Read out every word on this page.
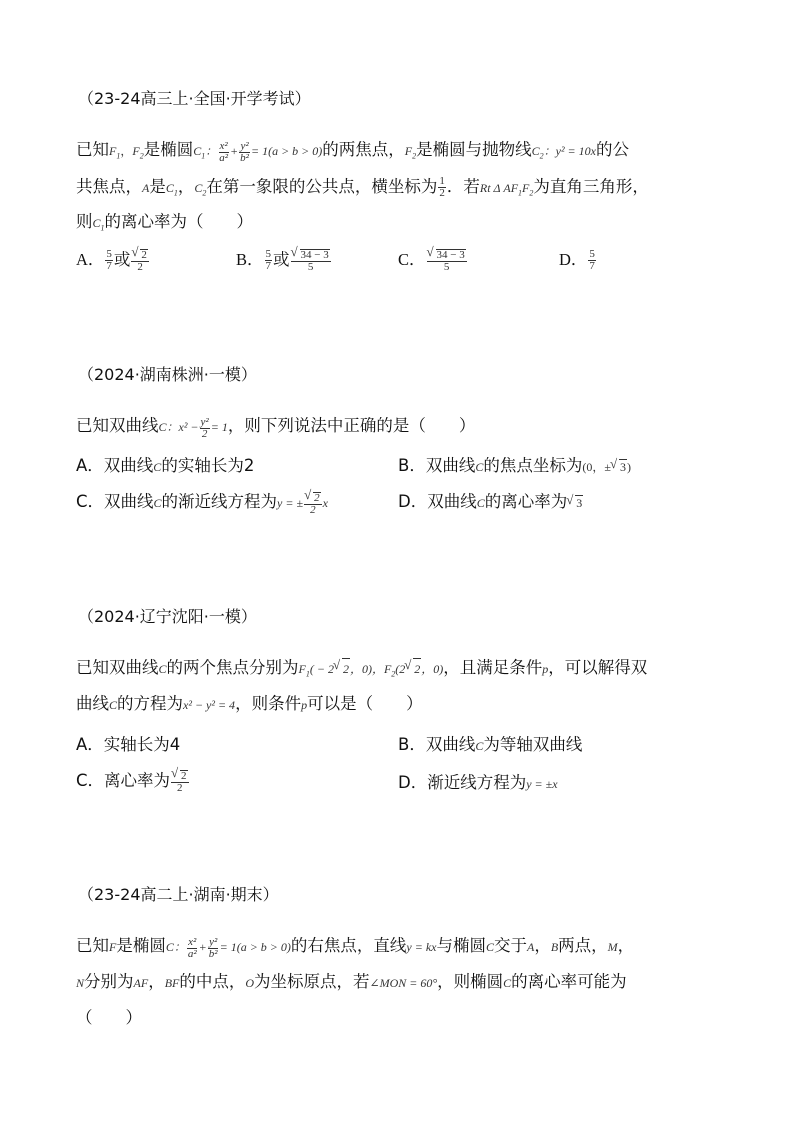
（23-24高三上·全国·开学考试）
已知$F_1$，$F_2$是椭圆$C_1$： $\frac{\text{x²}}{\text{a²}} + \frac{\text{y²}}{\text{b²}} = 1(a > b > 0)$的两焦点，$F_2$是椭圆与抛物线$C_2$：y² = 10x的公
共焦点，A是$C_1$，$C_2$在第一象限的公共点，横坐标为 $\frac{1}{2}$ ．若Rt Δ $AF_1F_2$为直角三角形，
则$C_1$的离心率为（　　）
A． $\frac{5}{7}$ 或
√ $\frac{2}{2}$	B． $\frac{5}{7}$ 或
√ $\frac{34 - 3}{5}$	C．
√ $\frac{34 - 3}{5}$	D． $\frac{5}{7}$
（2024·湖南株洲·一模）
已知双曲线C：$x^2 - \frac{\text{y²}}{2} = 1$，则下列说法中正确的是（　　）
A．双曲线C的实轴长为2	B．双曲线C的焦点坐标为(0，±√ 3)
C．双曲线C的渐近线方程为y = ±
√ $\frac{2}{2}$ x	D．双曲线C的离心率为√ 3
（2024·辽宁沈阳·一模）
已知双曲线C的两个焦点分别为$F_1( - 2√$ 2，0)，$F_2(2√$ 2，0)，且满足条件p，可以解得双
曲线C的方程为x² − y² = 4，则条件p可以是（　　）
A．实轴长为4	B．双曲线C为等轴双曲线
C．离心率为
√ $\frac{2}{2}$	D．渐近线方程为y = ±x
（23-24高二上·湖南·期末）
已知F是椭圆C： $\frac{\text{x²}}{\text{a²}} + \frac{\text{y²}}{\text{b²}} = 1(a > b > 0)$的右焦点，直线y = kx与椭圆C交于A，B两点，M，
N分别为AF，BF的中点，O为坐标原点，若∠MON = 60°，则椭圆C的离心率可能为
（　　）
